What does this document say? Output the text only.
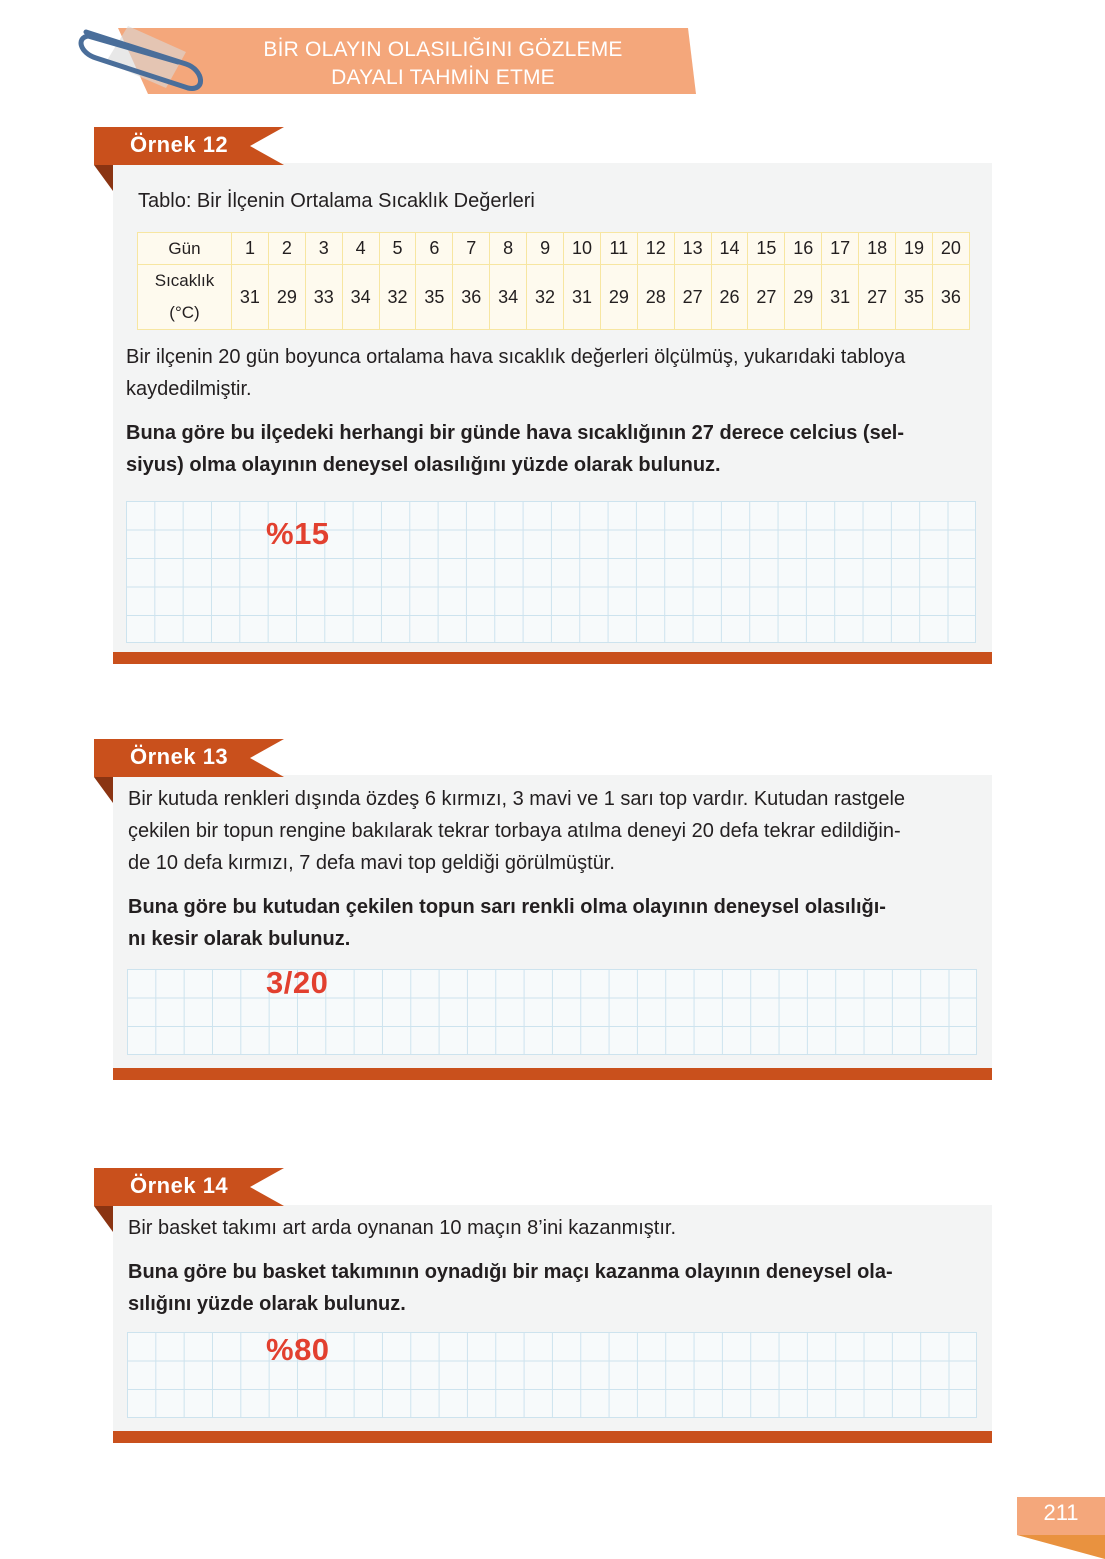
BİR OLAYIN OLASILIĞINI GÖZLEME
DAYALI TAHMİN ETME
Örnek 12
Tablo: Bir İlçenin Ortalama Sıcaklık Değerleri
Gün	1	2	3	4	5	6	7	8	9	10	11	12	13	14	15	16	17	18	19	20

Sıcaklık
(°C)	31	29	33	34	32	35	36	34	32	31	29	28	27	26	27	29	31	27	35	36
Bir ilçenin 20 gün boyunca ortalama hava sıcaklık değerleri ölçülmüş, yukarıdaki tabloya
kaydedilmiştir.
Buna göre bu ilçedeki herhangi bir günde hava sıcaklığının 27 derece celcius (sel-
siyus) olma olayının deneysel olasılığını yüzde olarak bulunuz.
%15
Örnek 13
Bir kutuda renkleri dışında özdeş 6 kırmızı, 3 mavi ve 1 sarı top vardır. Kutudan rastgele
çekilen bir topun rengine bakılarak tekrar torbaya atılma deneyi 20 defa tekrar edildiğin-
de 10 defa kırmızı, 7 defa mavi top geldiği görülmüştür.
Buna göre bu kutudan çekilen topun sarı renkli olma olayının deneysel olasılığı-
nı kesir olarak bulunuz.
3/20
Örnek 14
Bir basket takımı art arda oynanan 10 maçın 8’ini kazanmıştır.
Buna göre bu basket takımının oynadığı bir maçı kazanma olayının deneysel ola-
sılığını yüzde olarak bulunuz.
%80
211
